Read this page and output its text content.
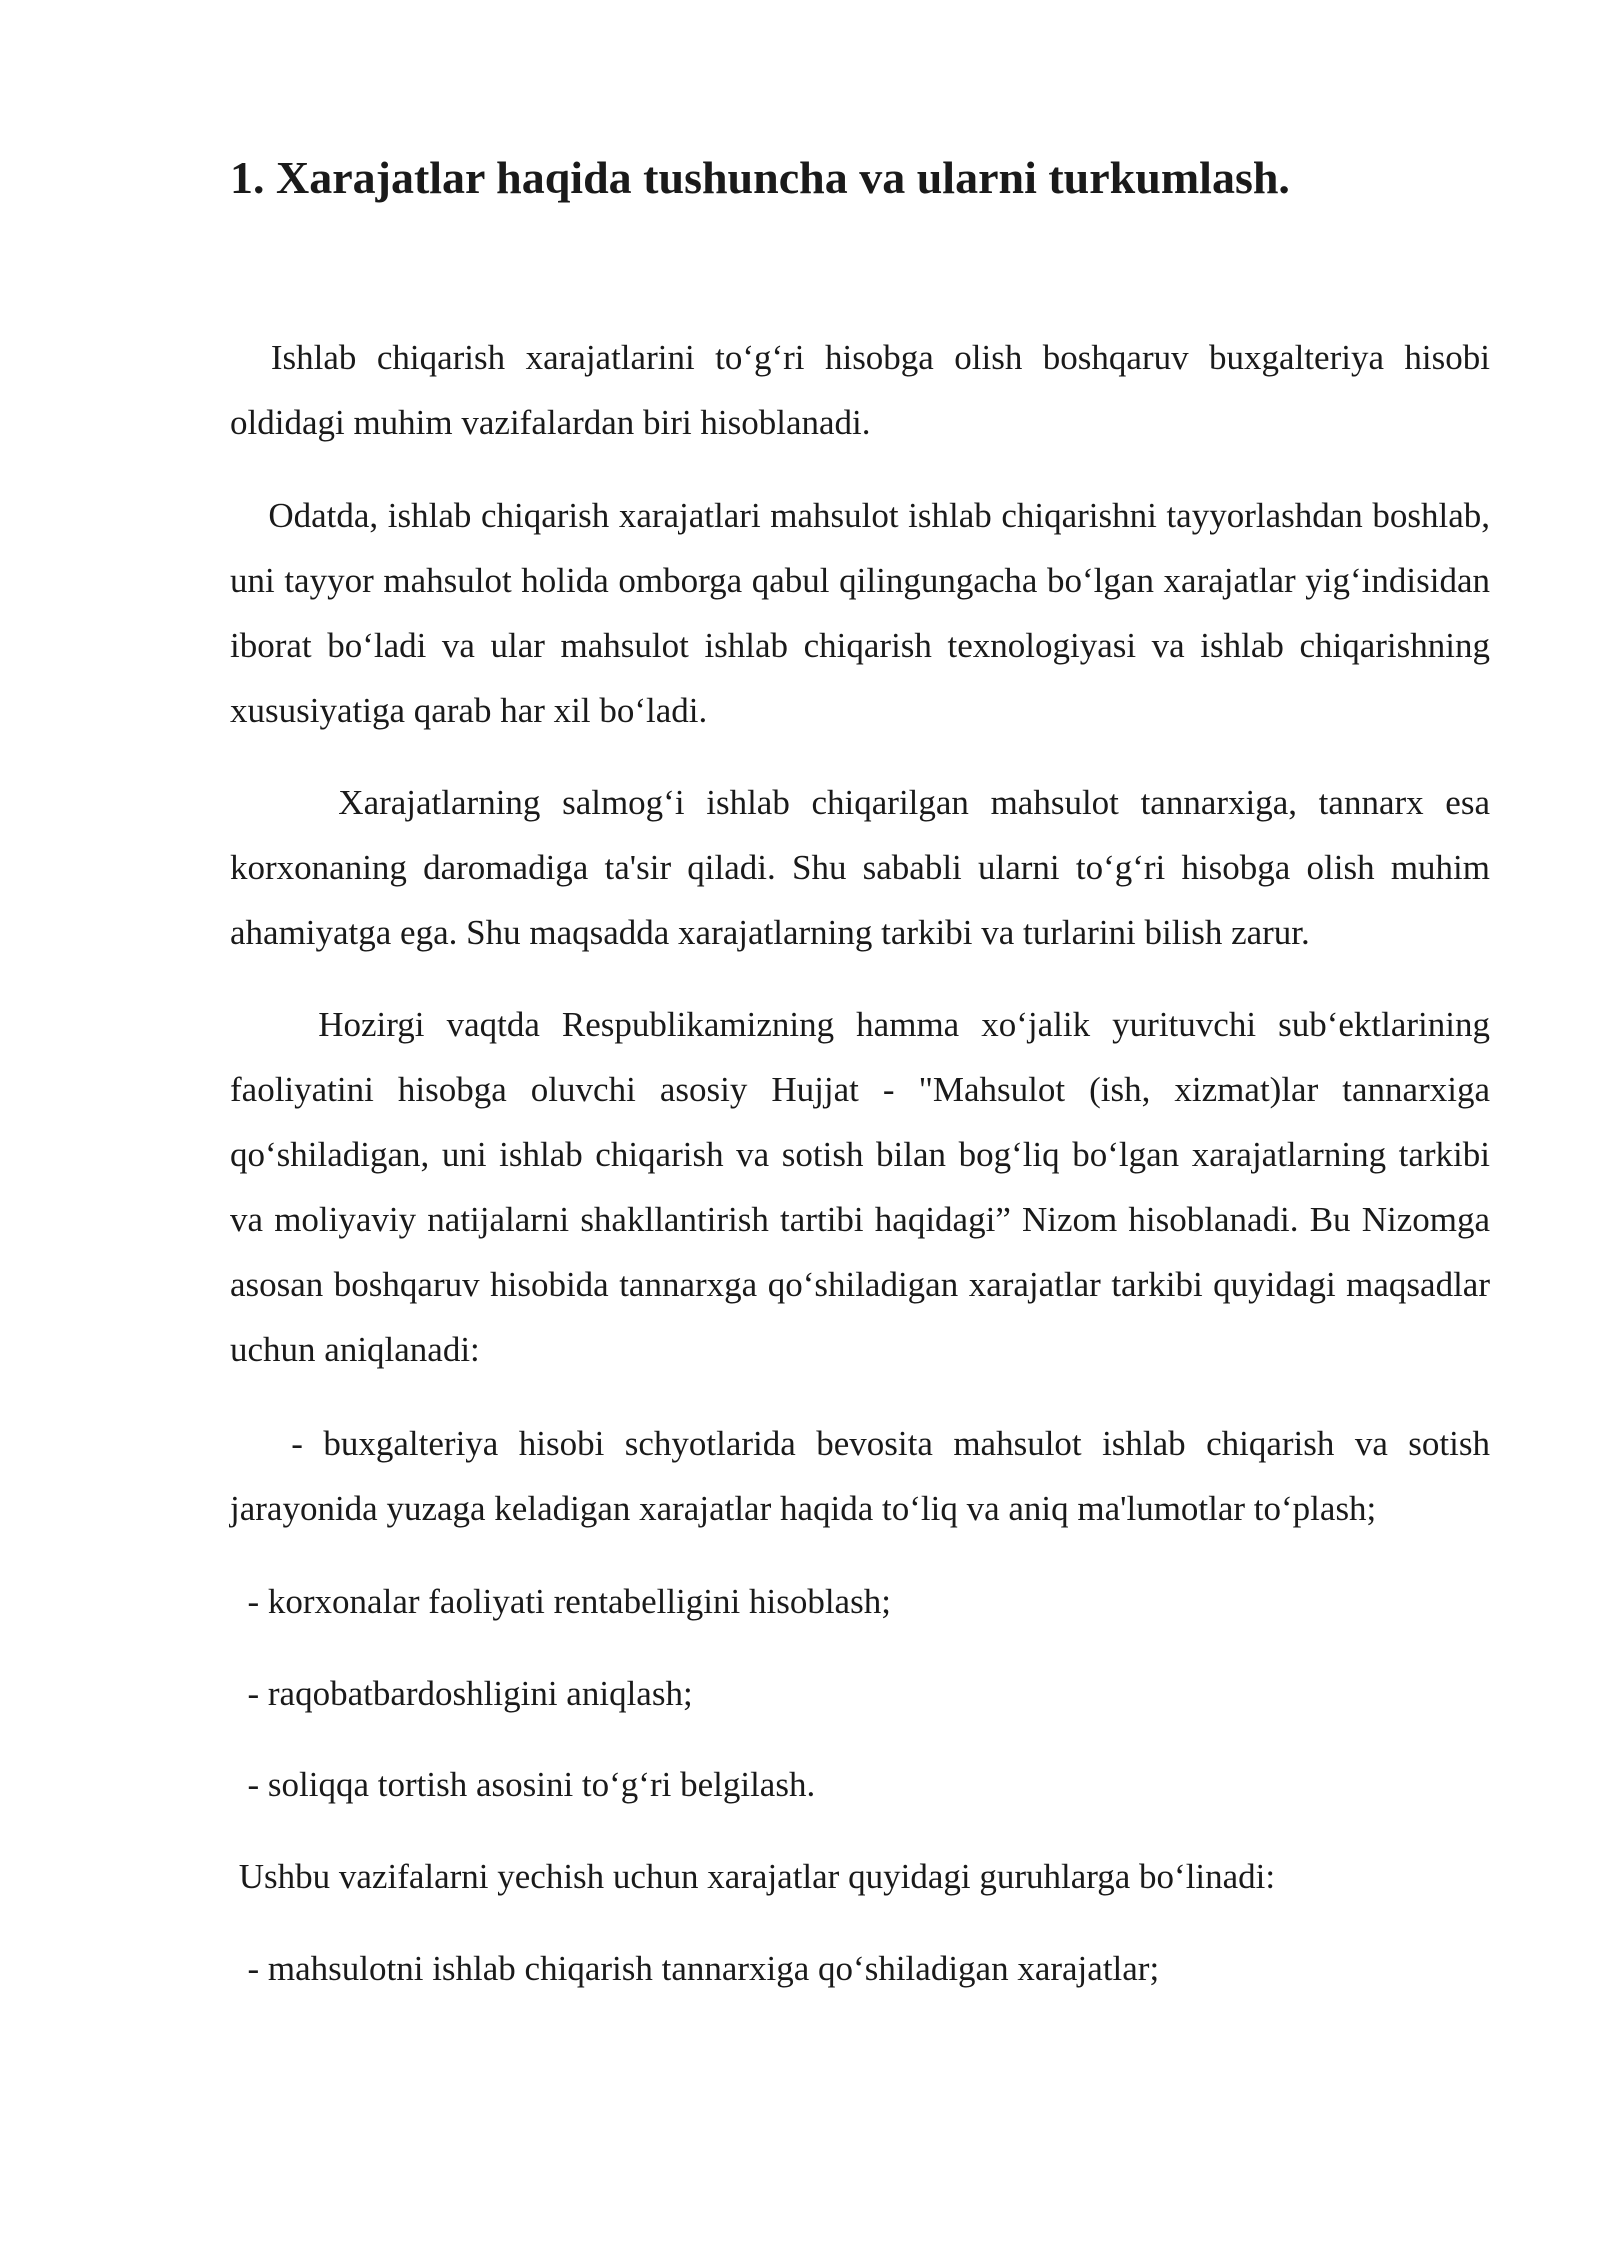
1. Xarajatlar haqida tushuncha va ularni turkumlash.

Ishlab chiqarish xarajatlarini to‘g‘ri hisobga olish boshqaruv buxgalteriya hisobi oldidagi muhim vazifalardan biri hisoblanadi.

Odatda, ishlab chiqarish xarajatlari mahsulot ishlab chiqarishni tayyorlashdan boshlab, uni tayyor mahsulot holida omborga qabul qilingungacha bo‘lgan xarajatlar yig‘indisidan iborat bo‘ladi va ular mahsulot ishlab chiqarish texnologiyasi va ishlab chiqarishning xususiyatiga qarab har xil bo‘ladi.

Xarajatlarning salmog‘i ishlab chiqarilgan mahsulot tannarxiga, tannarx esa korxonaning daromadiga ta'sir qiladi. Shu sababli ularni to‘g‘ri hisobga olish muhim ahamiyatga ega. Shu maqsadda xarajatlarning tarkibi va turlarini bilish zarur.

Hozirgi vaqtda Respublikamizning hamma xo‘jalik yurituvchi sub‘ektlarining faoliyatini hisobga oluvchi asosiy Hujjat - "Mahsulot (ish, xizmat)lar tannarxiga qo‘shiladigan, uni ishlab chiqarish va sotish bilan bog‘liq bo‘lgan xarajatlarning tarkibi va moliyaviy natijalarni shakllantirish tartibi haqidagi” Nizom hisoblanadi. Bu Nizomga asosan boshqaruv hisobida tannarxga qo‘shiladigan xarajatlar tarkibi quyidagi maqsadlar uchun aniqlanadi:

- buxgalteriya hisobi schyotlarida bevosita mahsulot ishlab chiqarish va sotish jarayonida yuzaga keladigan xarajatlar haqida to‘liq va aniq ma'lumotlar to‘plash;

- korxonalar faoliyati rentabelligini hisoblash;

- raqobatbardoshligini aniqlash;

- soliqqa tortish asosini to‘g‘ri belgilash.

Ushbu vazifalarni yechish uchun xarajatlar quyidagi guruhlarga bo‘linadi:

- mahsulotni ishlab chiqarish tannarxiga qo‘shiladigan xarajatlar;
